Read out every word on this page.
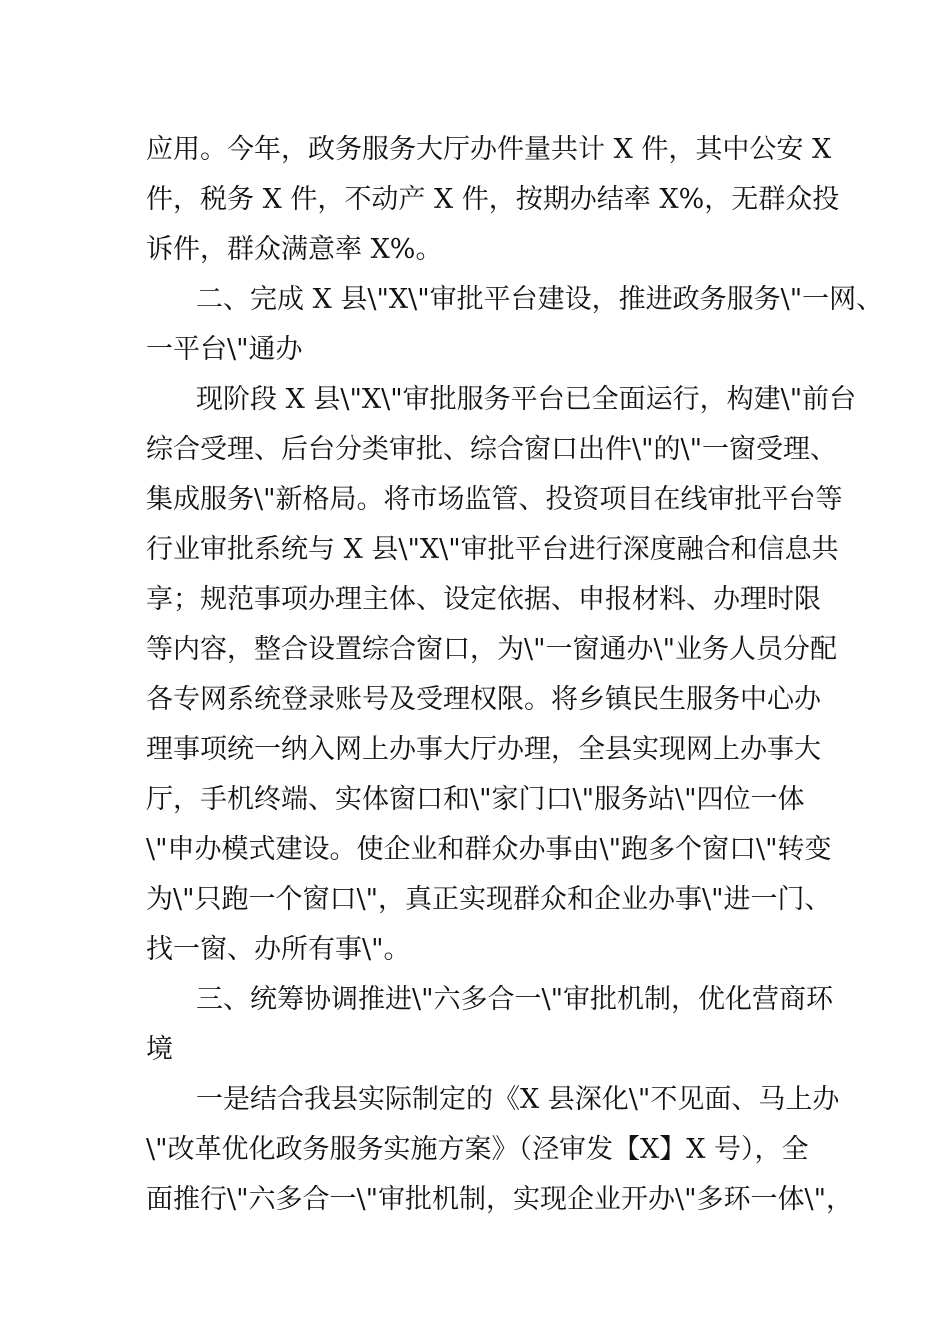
应用。今年，政务服务大厅办件量共计 X 件，其中公安 X
件，税务 X 件，不动产 X 件，按期办结率 X%，无群众投
诉件，群众满意率 X%。
二、完成 X 县\"X\"审批平台建设，推进政务服务\"一网、
一平台\"通办
现阶段 X 县\"X\"审批服务平台已全面运行，构建\"前台
综合受理、后台分类审批、综合窗口出件\"的\"一窗受理、
集成服务\"新格局。将市场监管、投资项目在线审批平台等
行业审批系统与 X 县\"X\"审批平台进行深度融合和信息共
享；规范事项办理主体、设定依据、申报材料、办理时限
等内容，整合设置综合窗口，为\"一窗通办\"业务人员分配
各专网系统登录账号及受理权限。将乡镇民生服务中心办
理事项统一纳入网上办事大厅办理，全县实现网上办事大
厅，手机终端、实体窗口和\"家门口\"服务站\"四位一体
\"申办模式建设。使企业和群众办事由\"跑多个窗口\"转变
为\"只跑一个窗口\"，真正实现群众和企业办事\"进一门、
找一窗、办所有事\"。
三、统筹协调推进\"六多合一\"审批机制，优化营商环
境
一是结合我县实际制定的《X 县深化\"不见面、马上办
\"改革优化政务服务实施方案》（泾审发【X】X 号），全
面推行\"六多合一\"审批机制，实现企业开办\"多环一体\"，
